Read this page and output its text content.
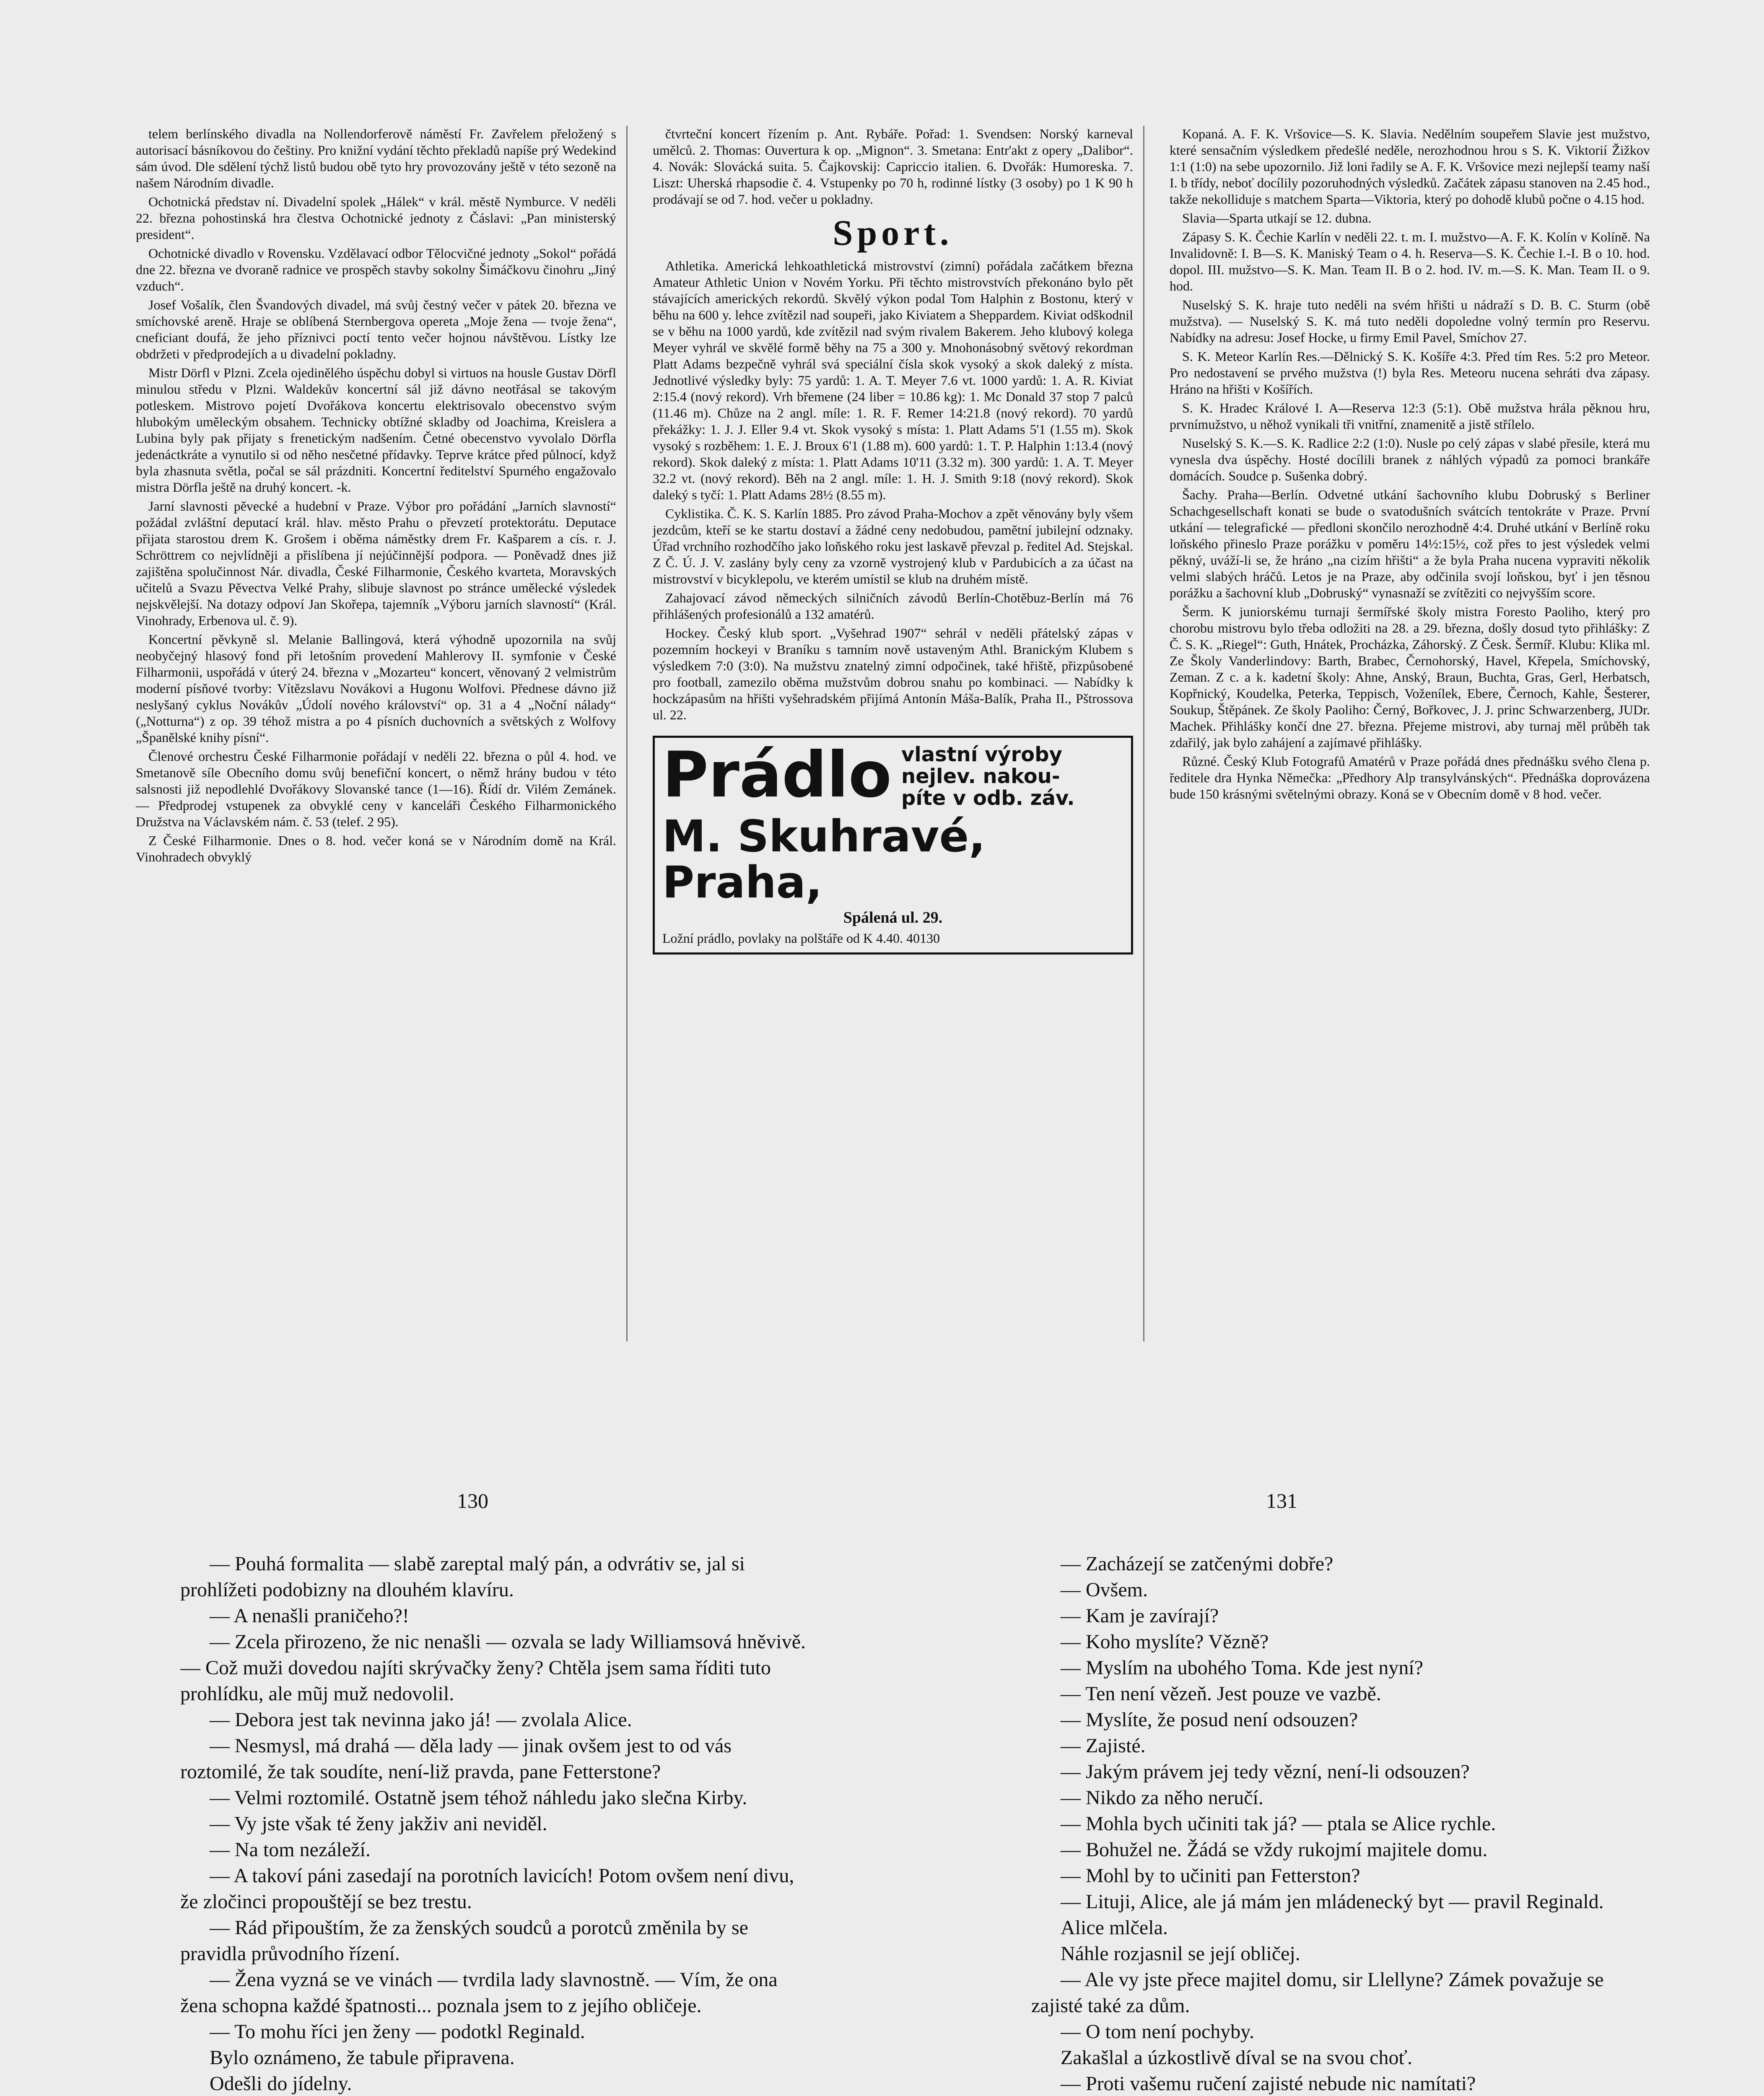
telem berlínského divadla na Nollendorferově náměstí Fr. Zavřelem přeložený s autorisací básníkovou do češtiny. Pro knižní vydání těchto překladů napíše prý Wedekind sám úvod. Dle sdělení týchž listů budou obě tyto hry provozovány ještě v této sezoně na našem Národním divadle.

Ochotnická představ ní. Divadelní spolek „Hálek“ v král. městě Nymburce. V neděli 22. března pohostinská hra člestva Ochotnické jednoty z Čáslavi: „Pan ministerský president“.

Ochotnické divadlo v Rovensku. Vzdělavací odbor Tělocvičné jednoty „Sokol“ pořádá dne 22. března ve dvoraně radnice ve prospěch stavby sokolny Šimáčkovu činohru „Jiný vzduch“.

Josef Vošalík, člen Švandových divadel, má svůj čestný večer v pátek 20. března ve smíchovské areně. Hraje se oblíbená Sternbergova opereta „Moje žena — tvoje žena“, cneficiant doufá, že jeho příznivci poctí tento večer hojnou návštěvou. Lístky lze obdržeti v předprodejích a u divadelní pokladny.

Mistr Dörfl v Plzni. Zcela ojedinělého úspěchu dobyl si virtuos na housle Gustav Dörfl minulou středu v Plzni. Waldekův koncertní sál již dávno neotřásal se takovým potleskem. Mistrovo pojetí Dvořákova koncertu elektrisovalo obecenstvo svým hlubokým uměleckým obsahem. Technicky obtížné skladby od Joachima, Kreislera a Lubina byly pak přijaty s frenetickým nadšením. Četné obecenstvo vyvolalo Dörfla jedenáctkráte a vynutilo si od něho nesčetné přídavky. Teprve krátce před půlnocí, když byla zhasnuta světla, počal se sál prázdniti. Koncertní ředitelství Spurného engažovalo mistra Dörfla ještě na druhý koncert. -k.

Jarní slavnosti pěvecké a hudební v Praze. Výbor pro pořádání „Jarních slavností“ požádal zvláštní deputací král. hlav. město Prahu o převzetí protektorátu. Deputace přijata starostou drem K. Grošem i oběma náměstky drem Fr. Kašparem a cís. r. J. Schröttrem co nejvlídněji a přislíbena jí nejúčinnější podpora. — Poněvadž dnes již zajištěna spolučinnost Nár. divadla, České Filharmonie, Českého kvarteta, Moravských učitelů a Svazu Pěvectva Velké Prahy, slibuje slavnost po stránce umělecké výsledek nejskvělejší. Na dotazy odpoví Jan Skořepa, tajemník „Výboru jarních slavností“ (Král. Vinohrady, Erbenova ul. č. 9).

Koncertní pěvkyně sl. Melanie Ballingová, která výhodně upozornila na svůj neobyčejný hlasový fond při letošním provedení Mahlerovy II. symfonie v České Filharmonii, uspořádá v úterý 24. března v „Mozarteu“ koncert, věnovaný 2 velmistrům moderní písňové tvorby: Vítězslavu Novákovi a Hugonu Wolfovi. Přednese dávno již neslyšaný cyklus Novákův „Údolí nového království“ op. 31 a 4 „Noční nálady“ („Notturna“) z op. 39 téhož mistra a po 4 písních duchovních a světských z Wolfovy „Španělské knihy písní“.

Členové orchestru České Filharmonie pořádají v neděli 22. března o půl 4. hod. ve Smetanově síle Obecního domu svůj benefiční koncert, o němž hrány budou v této salsnosti již nepodlehlé Dvořákovy Slovanské tance (1—16). Řídí dr. Vilém Zemánek. — Předprodej vstupenek za obvyklé ceny v kanceláři Českého Filharmonického Družstva na Václavském nám. č. 53 (telef. 2 95).

Z České Filharmonie. Dnes o 8. hod. večer koná se v Národním domě na Král. Vinohradech obvyklý

čtvrteční koncert řízením p. Ant. Rybáře. Pořad: 1. Svendsen: Norský karneval umělců. 2. Thomas: Ouvertura k op. „Mignon“. 3. Smetana: Entr'akt z opery „Dalibor“. 4. Novák: Slovácká suita. 5. Čajkovskij: Capriccio italien. 6. Dvořák: Humoreska. 7. Liszt: Uherská rhapsodie č. 4. Vstupenky po 70 h, rodinné lístky (3 osoby) po 1 K 90 h prodávají se od 7. hod. večer u pokladny.

Sport.

Athletika. Americká lehkoathletická mistrovství (zimní) pořádala začátkem března Amateur Athletic Union v Novém Yorku. Při těchto mistrovstvích překonáno bylo pět stávajících amerických rekordů. Skvělý výkon podal Tom Halphin z Bostonu, který v běhu na 600 y. lehce zvítězil nad soupeři, jako Kiviatem a Sheppardem. Kiviat odškodnil se v běhu na 1000 yardů, kde zvítězil nad svým rivalem Bakerem. Jeho klubový kolega Meyer vyhrál ve skvělé formě běhy na 75 a 300 y. Mnohonásobný světový rekordman Platt Adams bezpečně vyhrál svá speciální čísla skok vysoký a skok daleký z místa. Jednotlivé výsledky byly: 75 yardů: 1. A. T. Meyer 7.6 vt. 1000 yardů: 1. A. R. Kiviat 2:15.4 (nový rekord). Vrh břemene (24 liber = 10.86 kg): 1. Mc Donald 37 stop 7 palců (11.46 m). Chůze na 2 angl. míle: 1. R. F. Remer 14:21.8 (nový rekord). 70 yardů překážky: 1. J. J. Eller 9.4 vt. Skok vysoký s místa: 1. Platt Adams 5'1 (1.55 m). Skok vysoký s rozběhem: 1. E. J. Broux 6'1 (1.88 m). 600 yardů: 1. T. P. Halphin 1:13.4 (nový rekord). Skok daleký z místa: 1. Platt Adams 10'11 (3.32 m). 300 yardů: 1. A. T. Meyer 32.2 vt. (nový rekord). Běh na 2 angl. míle: 1. H. J. Smith 9:18 (nový rekord). Skok daleký s tyčí: 1. Platt Adams 28½ (8.55 m).

Cyklistika. Č. K. S. Karlín 1885. Pro závod Praha-Mochov a zpět věnovány byly všem jezdcům, kteří se ke startu dostaví a žádné ceny nedobudou, pamětní jubilejní odznaky. Úřad vrchního rozhodčího jako loňského roku jest laskavě převzal p. ředitel Ad. Stejskal. Z Č. Ú. J. V. zaslány byly ceny za vzorně vystrojený klub v Pardubicích a za účast na mistrovství v bicyklepolu, ve kterém umístil se klub na druhém místě.

Zahajovací závod německých silničních závodů Berlín-Chotěbuz-Berlín má 76 přihlášených profesionálů a 132 amatérů.

Hockey. Český klub sport. „Vyšehrad 1907“ sehrál v neděli přátelský zápas v pozemním hockeyi v Braníku s tamním nově ustaveným Athl. Branickým Klubem s výsledkem 7:0 (3:0). Na mužstvu znatelný zimní odpočinek, také hřiště, přizpůsobené pro football, zamezilo oběma mužstvům dobrou snahu po kombinaci. — Nabídky k hockzápasům na hřišti vyšehradském přijímá Antonín Máša-Balík, Praha II., Pštrossova ul. 22.

Prádlo vlastní výroby
nejlev. nakou-
píte v odb. záv.
M. Skuhravé, Praha,
Spálená ul. 29.
Ložní prádlo, povlaky na polštáře od K 4.40. 40130

Kopaná. A. F. K. Vršovice—S. K. Slavia. Nedělním soupeřem Slavie jest mužstvo, které sensačním výsledkem předešlé neděle, nerozhodnou hrou s S. K. Viktorií Žižkov 1:1 (1:0) na sebe upozornilo. Již loni řadily se A. F. K. Vršovice mezi nejlepší teamy naší I. b třídy, neboť docílily pozoruhodných výsledků. Začátek zápasu stanoven na 2.45 hod., takže nekolliduje s matchem Sparta—Viktoria, který po dohodě klubů počne o 4.15 hod.

Slavia—Sparta utkají se 12. dubna.

Zápasy S. K. Čechie Karlín v neděli 22. t. m. I. mužstvo—A. F. K. Kolín v Kolíně. Na Invalidovně: I. B—S. K. Maniský Team o 4. h. Reserva—S. K. Čechie I.-I. B o 10. hod. dopol. III. mužstvo—S. K. Man. Team II. B o 2. hod. IV. m.—S. K. Man. Team II. o 9. hod.

Nuselský S. K. hraje tuto neděli na svém hřišti u nádraží s D. B. C. Sturm (obě mužstva). — Nuselský S. K. má tuto neděli dopoledne volný termín pro Reservu. Nabídky na adresu: Josef Hocke, u firmy Emil Pavel, Smíchov 27.

S. K. Meteor Karlín Res.—Dělnický S. K. Košíře 4:3. Před tím Res. 5:2 pro Meteor. Pro nedostavení se prvého mužstva (!) byla Res. Meteoru nucena sehráti dva zápasy. Hráno na hřišti v Košířích.

S. K. Hradec Králové I. A—Reserva 12:3 (5:1). Obě mužstva hrála pěknou hru, prvnímužstvo, u něhož vynikali tři vnitřní, znamenitě a jistě střílelo.

Nuselský S. K.—S. K. Radlice 2:2 (1:0). Nusle po celý zápas v slabé přesile, která mu vynesla dva úspěchy. Hosté docílili branek z náhlých výpadů za pomoci brankáře domácích. Soudce p. Sušenka dobrý.

Šachy. Praha—Berlín. Odvetné utkání šachovního klubu Dobruský s Berliner Schachgesellschaft konati se bude o svatodušních svátcích tentokráte v Praze. První utkání — telegrafické — předloni skončilo nerozhodně 4:4. Druhé utkání v Berlíně roku loňského přineslo Praze porážku v poměru 14½:15½, což přes to jest výsledek velmi pěkný, uváží-li se, že hráno „na cizím hřišti“ a že byla Praha nucena vypraviti několik velmi slabých hráčů. Letos je na Praze, aby odčinila svojí loňskou, byť i jen těsnou porážku a šachovní klub „Dobruský“ vynasnaží se zvítěziti co nejvyšším score.

Šerm. K juniorskému turnaji šermířské školy mistra Foresto Paoliho, který pro chorobu mistrovu bylo třeba odložiti na 28. a 29. března, došly dosud tyto přihlášky: Z Č. S. K. „Riegel“: Guth, Hnátek, Procházka, Záhorský. Z Česk. Šermíř. Klubu: Klika ml. Ze Školy Vanderlindovy: Barth, Brabec, Černohorský, Havel, Křepela, Smíchovský, Zeman. Z c. a k. kadetní školy: Ahne, Anský, Braun, Buchta, Gras, Gerl, Herbatsch, Kopřnický, Koudelka, Peterka, Teppisch, Voženílek, Ebere, Černoch, Kahle, Šesterer, Soukup, Štěpánek. Ze školy Paoliho: Černý, Bořkovec, J. J. princ Schwarzenberg, JUDr. Machek. Přihlášky končí dne 27. března. Přejeme mistrovi, aby turnaj měl průběh tak zdařilý, jak bylo zahájení a zajímavé přihlášky.

Různé. Český Klub Fotografů Amatérů v Praze pořádá dnes přednášku svého člena p. ředitele dra Hynka Němečka: „Předhory Alp transylvánských“. Přednáška doprovázena bude 150 krásnými světelnými obrazy. Koná se v Obecním domě v 8 hod. večer.

130	131

— Pouhá formalita — slabě zareptal malý pán, a odvrátiv se, jal si prohlížeti podobizny na dlouhém klavíru.

— A nenašli praničeho?!

— Zcela přirozeno, že nic nenašli — ozvala se lady Williamsová hněvivě. — Což muži dovedou najíti skrývačky ženy? Chtěla jsem sama říditi tuto prohlídku, ale mũj muž nedovolil.

— Debora jest tak nevinna jako já! — zvolala Alice.

— Nesmysl, má drahá — děla lady — jinak ovšem jest to od vás roztomilé, že tak soudíte, není-liž pravda, pane Fetterstone?

— Velmi roztomilé. Ostatně jsem téhož náhledu jako slečna Kirby.

— Vy jste však té ženy jakživ ani neviděl.

— Na tom nezáleží.

— A takoví páni zasedají na porotních lavicích! Potom ovšem není divu, že zločinci propouštějí se bez trestu.

— Rád připouštím, že za ženských soudců a porotců změnila by se pravidla průvodního řízení.

— Žena vyzná se ve vinách — tvrdila lady slavnostně. — Vím, že ona žena schopna každé špatnosti... poznala jsem to z jejího obličeje.

— To mohu říci jen ženy — podotkl Reginald.

Bylo oznámeno, že tabule připravena.

Odešli do jídelny.

— Zacházejí se zatčenými dobře?

— Ovšem.

— Kam je zavírají?

— Koho myslíte? Vězně?

— Myslím na ubohého Toma. Kde jest nyní?

— Ten není vězeň. Jest pouze ve vazbě.

— Myslíte, že posud není odsouzen?

— Zajisté.

— Jakým právem jej tedy vězní, není-li odsouzen?

— Nikdo za něho neručí.

— Mohla bych učiniti tak já? — ptala se Alice rychle.

— Bohužel ne. Žádá se vždy rukojmí majitele domu.

— Mohl by to učiniti pan Fetterston?

— Lituji, Alice, ale já mám jen mládenecký byt — pravil Reginald.

Alice mlčela.

Náhle rozjasnil se její obličej.

— Ale vy jste přece majitel domu, sir Llellyne? Zámek považuje se zajisté také za dům.

— O tom není pochyby.

Zakašlal a úzkostlivě díval se na svou choť.

— Proti vašemu ručení zajisté nebude nic namítati?
